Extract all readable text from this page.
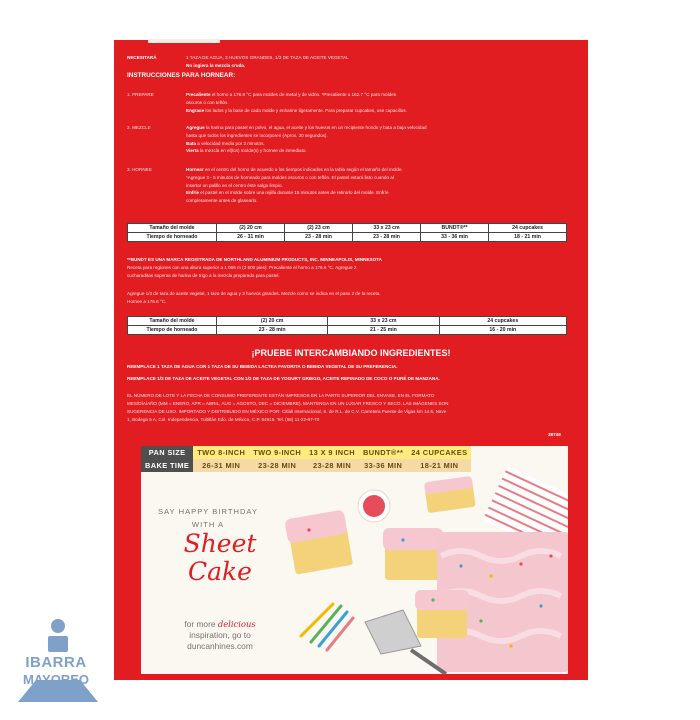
NECESITARÁ	1 TAZA DE AGUA, 3 HUEVOS GRANDES, 1/3 DE TAZA DE ACEITE VEGETAL
No ingiera la mezcla cruda.
INSTRUCCIONES PARA HORNEAR:
1. PREPARE	Precaliente el horno a 176.6 °C para moldes de metal y de vidrio. *Precaliente a 162.7 °C para moldes
oscuros o con teflón.
Engrase los lados y la base de cada molde y enharine ligeramente. Para preparar cupcakes, use capacillos.
2. MEZCLE	Agregue la harina para pastel en polvo, el agua, el aceite y los huevos en un recipiente hondo y bata a baja velocidad
hasta que todos los ingredientes se incorporen (Aprox. 30 segundos).
Bata a velocidad media por 2 minutos.
Vierta la mezcla en el(los) molde(s) y hornee de inmediato.
3. HORNEE	Hornear en el centro del horno de acuerdo a los tiempos indicados en la tabla según el tamaño del molde.
*Agregue 3 - 5 minutos de horneado para moldes oscuros o con teflón. El pastel estará listo cuando al
insertar un palillo en el centro éste salga limpio.
Enfríe el pastel en el molde sobre una rejilla durante 15 minutos antes de retirarlo del molde. Enfríe
completamente antes de glasearlo.
Tamaño del molde	(2) 20 cm	(2) 23 cm	33 x 23 cm	BUNDT®**	24 cupcakes
Tiempo de horneado	26 - 31 min	23 - 28 min	23 - 28 min	33 - 36 min	18 - 21 min
**BUNDT ES UNA MARCA REGISTRADA DE NORTHLAND ALUMINIUM PRODUCTS, INC. MINNEAPOLIS, MINNESOTA
Receta para regiones con una altura superior a 1 066 m (3 500 pies): Precaliente el horno a 176.6 °C. Agregue 2
cucharaditas soperas de harina de trigo a la mezcla preparada para pastel.
Agregue 1/3 de taza de aceite vegetal, 1 taza de agua y 3 huevos grandes. Mezcle como se indica en el paso 2 de la receta.
Hornee a 176.6 °C.
Tamaño del molde	(2) 20 cm	33 x 23 cm	24 cupcakes
Tiempo de horneado	23 - 28 min	21 - 25 min	16 - 20 min
¡PRUEBE INTERCAMBIANDO INGREDIENTES!
REEMPLACE 1 TAZA DE AGUA CON 1 TAZA DE SU BEBIDA LACTEA FAVORITA O BEBIDA VEGETAL DE SU PREFERENCIA.
REEMPLACE 1/3 DE TAZA DE ACEITE VEGETAL CON 1/3 DE TAZA DE YOGURT GRIEGO, ACEITE REFINADO DE COCO O PURÉ DE MANZANA.
EL NÚMERO DE LOTE Y LA FECHA DE CONSUMO PREFERENTE ESTÁN IMPRESOS EN LA PARTE SUPERIOR DEL ENVASE. EN EL FORMATO
MES/DÍA/AÑO (MM = ENERO, APR = ABRIL, AUG = AGOSTO, DEC = DICIEMBRE). MANTENGA EN UN LUGAR FRESCO Y SECO. LAS IMÁGENES SON
SUGERENCIA DE USO. IMPORTADO Y DISTRIBUIDO EN MÉXICO POR: Citlali Internacional, S. de R.L. de C.V. Carretera Puente de Vigas km 14.5, Nave
1, Bodega 5 A, Col. Independencia, Tultitlán Edo. de México, C.P. 54915. Tel. (55) 11-22-67-70
38749
PAN SIZE	TWO 8-INCH	TWO 9-INCH	13 X 9 INCH	BUNDT®**	24 CUPCAKES
BAKE TIME	26-31 MIN	23-28 MIN	23-28 MIN	33-36 MIN	18-21 MIN
SAY HAPPY BIRTHDAY
WITH A
Sheet
Cake
for more delicious
inspiration, go to
duncanhines.com
IBARRA
MAYOREO
